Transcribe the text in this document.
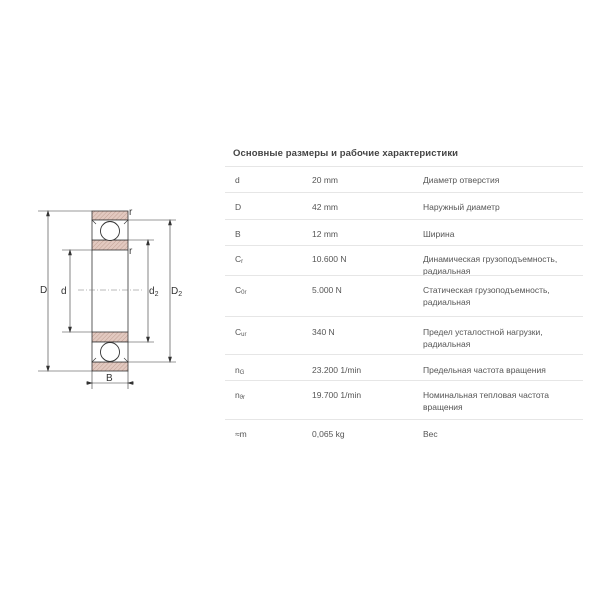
D d	$d_2$ $D_2$
B
r
r
Основные размеры и рабочие характеристики
d	20 mm	Диаметр отверстия
D	42 mm	Наружный диаметр
B	12 mm	Ширина
$C_r$	10.600 N	Динамическая грузоподъемность, радиальная
$C_{0r}$	5.000 N	Статическая грузоподъемность, радиальная
$C_{ur}$	340 N	Предел усталостной нагрузки, радиальная
$n_G$	23.200 1/min	Предельная частота вращения
$n_{ϑr}$	19.700 1/min	Номинальная тепловая частота вращения
≈m	0,065 kg	Вес
